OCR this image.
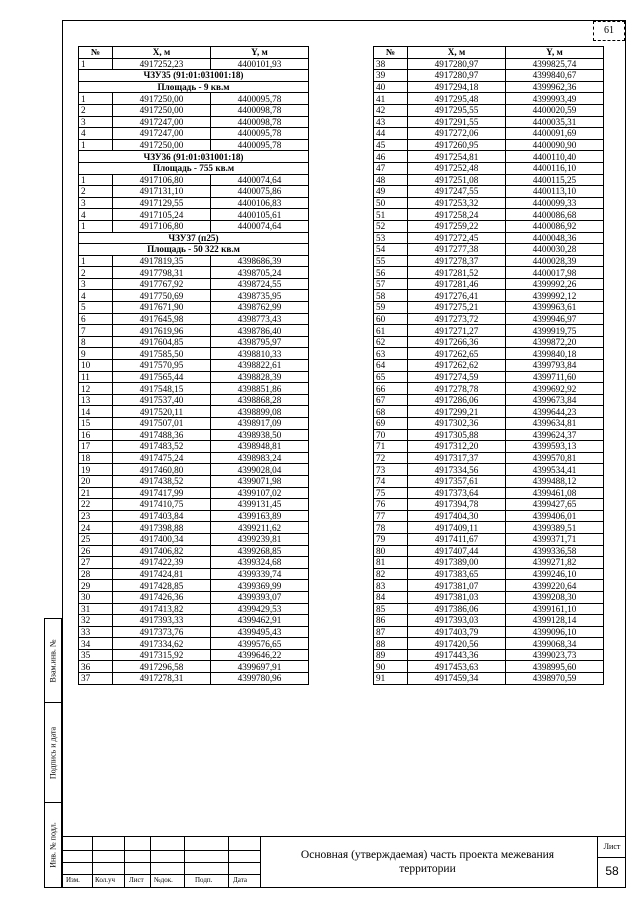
61
№	X, м	Y, м
1	4917252,23	4400101,93
ЧЗУ35 (91:01:031001:18)		
Площадь - 9 кв.м		
1	4917250,00	4400095,78
2	4917250,00	4400098,78
3	4917247,00	4400098,78
4	4917247,00	4400095,78
1	4917250,00	4400095,78
ЧЗУ36 (91:01:031001:18)		
Площадь - 755 кв.м		
1	4917106,80	4400074,64
2	4917131,10	4400075,86
3	4917129,55	4400106,83
4	4917105,24	4400105,61
1	4917106,80	4400074,64
ЧЗУ37 (п25)		
Площадь - 50 322 кв.м		
1	4917819,35	4398686,39
2	4917798,31	4398705,24
3	4917767,92	4398724,55
4	4917750,69	4398735,95
5	4917671,90	4398762,99
6	4917645,98	4398773,43
7	4917619,96	4398786,40
8	4917604,85	4398795,97
9	4917585,50	4398810,33
10	4917570,95	4398822,61
11	4917565,44	4398828,39
12	4917548,15	4398851,86
13	4917537,40	4398868,28
14	4917520,11	4398899,08
15	4917507,01	4398917,09
16	4917488,36	4398938,50
17	4917483,52	4398948,81
18	4917475,24	4398983,24
19	4917460,80	4399028,04
20	4917438,52	4399071,98
21	4917417,99	4399107,02
22	4917410,75	4399131,45
23	4917403,84	4399163,89
24	4917398,88	4399211,62
25	4917400,34	4399239,81
26	4917406,82	4399268,85
27	4917422,39	4399324,68
28	4917424,81	4399339,74
29	4917428,85	4399369,99
30	4917426,36	4399393,07
31	4917413,82	4399429,53
32	4917393,33	4399462,91
33	4917373,76	4399495,43
34	4917334,62	4399576,65
35	4917315,92	4399646,22
36	4917296,58	4399697,91
37	4917278,31	4399780,96
№	X, м	Y, м
38	4917280,97	4399825,74
39	4917280,97	4399840,67
40	4917294,18	4399962,36
41	4917295,48	4399993,49
42	4917295,55	4400020,59
43	4917291,55	4400035,31
44	4917272,06	4400091,69
45	4917260,95	4400090,90
46	4917254,81	4400110,40
47	4917252,48	4400116,10
48	4917251,08	4400115,25
49	4917247,55	4400113,10
50	4917253,32	4400099,33
51	4917258,24	4400086,68
52	4917259,22	4400086,92
53	4917272,45	4400048,36
54	4917277,38	4400030,28
55	4917278,37	4400028,39
56	4917281,52	4400017,98
57	4917281,46	4399992,26
58	4917276,41	4399992,12
59	4917275,21	4399963,61
60	4917273,72	4399946,97
61	4917271,27	4399919,75
62	4917266,36	4399872,20
63	4917262,65	4399840,18
64	4917262,62	4399793,84
65	4917274,59	4399711,60
66	4917278,78	4399692,92
67	4917286,06	4399673,84
68	4917299,21	4399644,23
69	4917302,36	4399634,81
70	4917305,88	4399624,37
71	4917312,20	4399593,13
72	4917317,37	4399570,81
73	4917334,56	4399534,41
74	4917357,61	4399488,12
75	4917373,64	4399461,08
76	4917394,78	4399427,65
77	4917404,30	4399406,01
78	4917409,11	4399389,51
79	4917411,67	4399371,71
80	4917407,44	4399336,58
81	4917389,00	4399271,82
82	4917383,65	4399246,10
83	4917381,07	4399220,64
84	4917381,03	4399208,30
85	4917386,06	4399161,10
86	4917393,03	4399128,14
87	4917403,79	4399096,10
88	4917420,56	4399068,34
89	4917443,36	4399023,73
90	4917453,63	4398995,60
91	4917459,34	4398970,59
Взам.инв. №
Подпись и дата
Инв. № подл.
Изм. Кол.уч Лист №док.	Подп.	Дата
Основная (утверждаемая) часть проекта межевания территории
Лист
58
